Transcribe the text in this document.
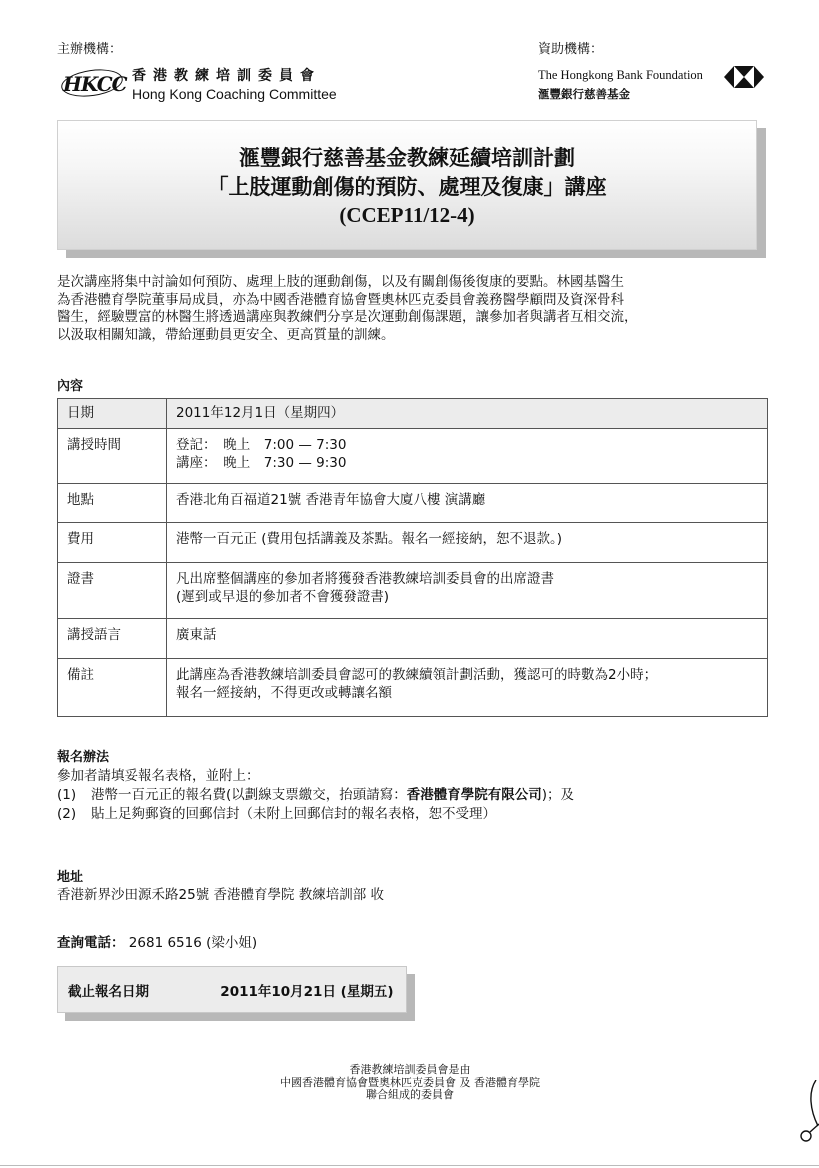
主辦機構：
HKCC 香港教練培訓委員會
Hong Kong Coaching Committee
資助機構：
The Hongkong Bank Foundation
滙豐銀行慈善基金
滙豐銀行慈善基金教練延續培訓計劃
「上肢運動創傷的預防、處理及復康」講座
(CCEP11/12-4)
是次講座將集中討論如何預防、處理上肢的運動創傷，以及有關創傷後復康的要點。林國基醫生
為香港體育學院董事局成員，亦為中國香港體育協會暨奧林匹克委員會義務醫學顧問及資深骨科
醫生，經驗豐富的林醫生將透過講座與教練們分享是次運動創傷課題，讓參加者與講者互相交流，
以汲取相關知識，帶給運動員更安全、更高質量的訓練。
內容
日期	2011年12月1日（星期四）

講授時間	登記：　晚上　7:00 — 7:30
講座：　晚上　7:30 — 9:30

地點	香港北角百福道21號 香港青年協會大廈八樓 演講廳

費用	港幣一百元正 (費用包括講義及茶點。報名一經接納，恕不退款。)

證書	凡出席整個講座的參加者將獲發香港教練培訓委員會的出席證書
(遲到或早退的參加者不會獲發證書)

講授語言	廣東話

備註	此講座為香港教練培訓委員會認可的教練續領計劃活動，獲認可的時數為2小時；
報名一經接納，不得更改或轉讓名額
報名辦法
參加者請填妥報名表格，並附上：
(1) 港幣一百元正的報名費(以劃線支票繳交，抬頭請寫：香港體育學院有限公司)；及
(2) 貼上足夠郵資的回郵信封（未附上回郵信封的報名表格，恕不受理）
地址
香港新界沙田源禾路25號 香港體育學院 教練培訓部 收
查詢電話： 2681 6516 (梁小姐)
截止報名日期	2011年10月21日 (星期五)
香港教練培訓委員會是由
中國香港體育協會暨奧林匹克委員會 及 香港體育學院
聯合組成的委員會
